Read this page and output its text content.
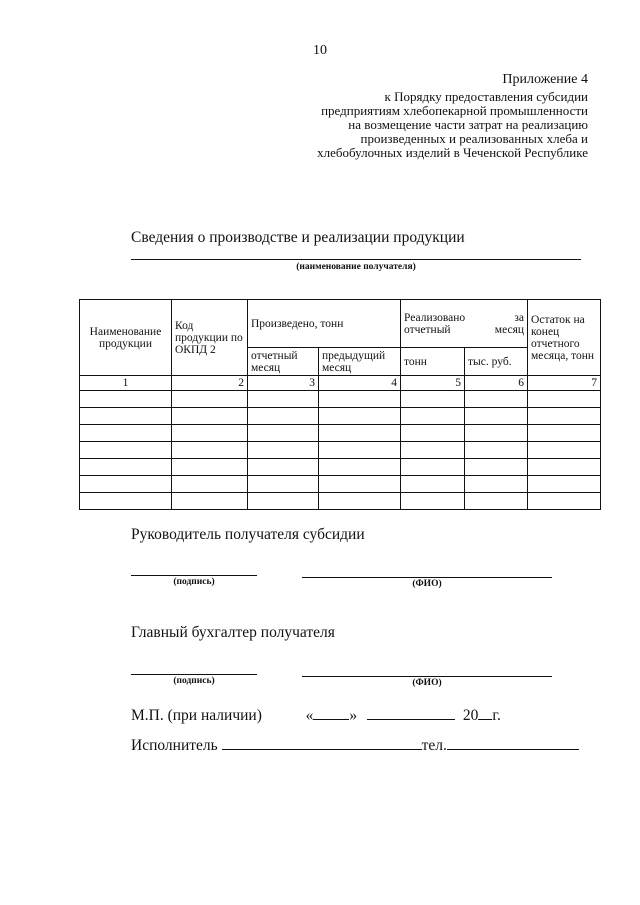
10
Приложение 4
к Порядку предоставления субсидии
предприятиям хлебопекарной промышленности
на возмещение части затрат на реализацию
произведенных и реализованных хлеба и
хлебобулочных изделий в Чеченской Республике
Сведения о производстве и реализации продукции
(наименование получателя)
Наименование продукции	Код продукции по ОКПД 2	Произведено, тонн		Реализовано за отчетный месяц		Остаток на конец отчетного месяца, тонн
		отчетный месяц	предыдущий месяц	тонн	тыс. руб.	
1	2	3	4	5	6	7

Руководитель получателя субсидии
(подпись)	(ФИО)
Главный бухгалтер получателя
(подпись)	(ФИО)
М.П. (при наличии)	« »	20 г.
Исполнитель	тел.
